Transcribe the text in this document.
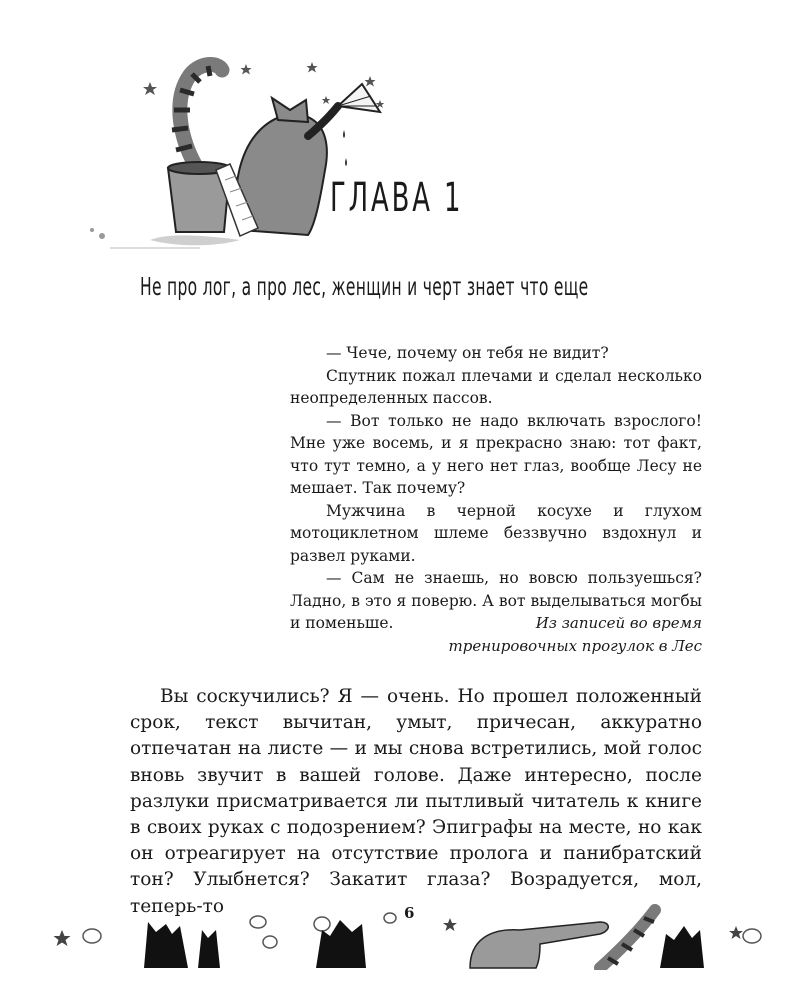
ГЛАВА 1
Не про лог, а про лес, женщин и черт знает что еще

— Чече, почему он тебя не видит?

Спутник пожал плечами и сделал несколько неопределенных пассов.

— Вот только не надо включать взрослого! Мне уже восемь, и я прекрасно знаю: тот факт, что тут темно, а у него нет глаз, вообще Лесу не мешает. Так почему?

Мужчина в черной косухе и глухом мотоциклетном шлеме беззвучно вздохнул и развел руками.

— Сам не знаешь, но вовсю пользуешься? Ладно, в это я поверю. А вот выделываться могбы и поменьше.	Из записей во время
тренировочных прогулок в Лес

Вы соскучились? Я — очень. Но прошел положенный срок, текст вычитан, умыт, причесан, аккуратно отпечатан на листе — и мы снова встретились, мой голос вновь звучит в вашей голове. Даже интересно, после разлуки присматривается ли пытливый читатель к книге в своих руках с подозрением? Эпиграфы на месте, но как он отреагирует на отсутствие пролога и панибратский тон? Улыбнется? Закатит глаза? Возрадуется, мол, теперь-то	6
